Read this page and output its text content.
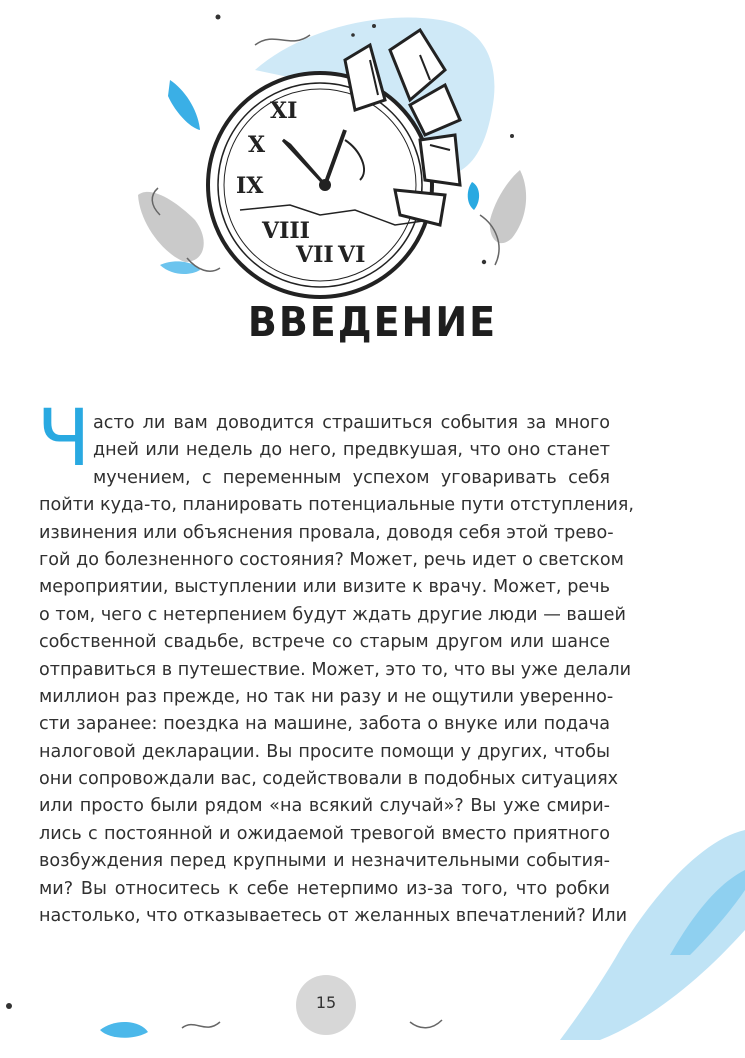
IX
X
VIII
VII VI
XI
ВВЕДЕНИЕ
Ч асто ли вам доводится страшиться события за много
дней или недель до него, предвкушая, что оно станет
мучением, с переменным успехом уговаривать себя
пойти куда-то, планировать потенциальные пути отступления,
извинения или объяснения провала, доводя себя этой трево-
гой до болезненного состояния? Может, речь идет о светском
мероприятии, выступлении или визите к врачу. Может, речь
о том, чего с нетерпением будут ждать другие люди — вашей
собственной свадьбе, встрече со старым другом или шансе
отправиться в путешествие. Может, это то, что вы уже делали
миллион раз прежде, но так ни разу и не ощутили уверенно-
сти заранее: поездка на машине, забота о внуке или подача
налоговой декларации. Вы просите помощи у других, чтобы
они сопровождали вас, содействовали в подобных ситуациях
или просто были рядом «на всякий случай»? Вы уже смири-
лись с постоянной и ожидаемой тревогой вместо приятного
возбуждения перед крупными и незначительными события-
ми? Вы относитесь к себе нетерпимо из-за того, что робки
настолько, что отказываетесь от желанных впечатлений? Или
15
